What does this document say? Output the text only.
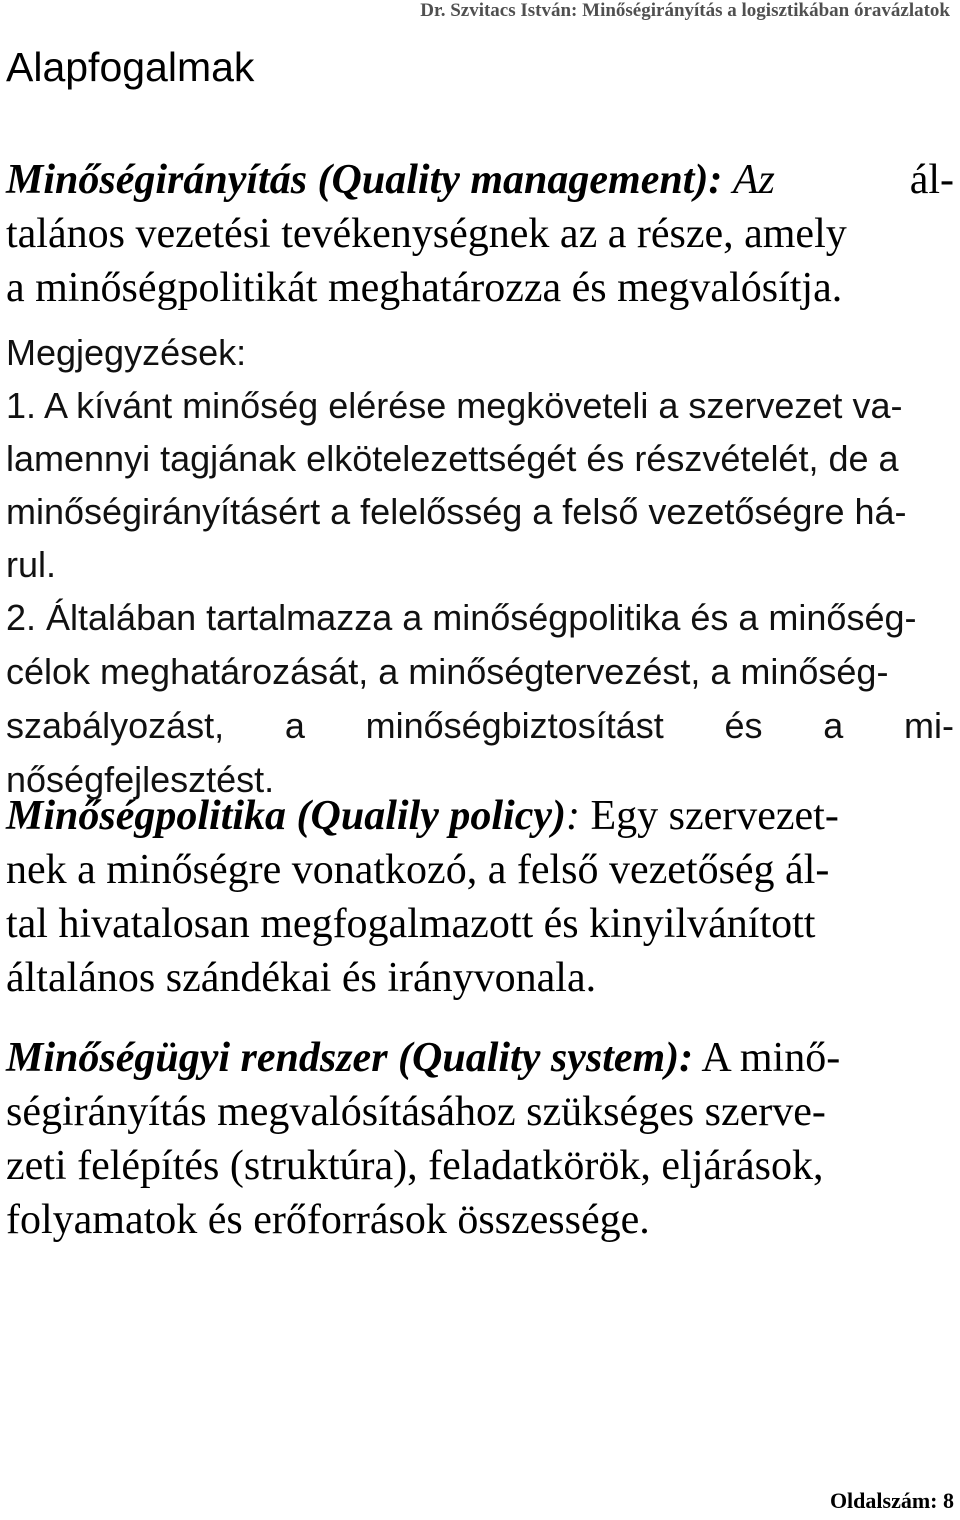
Dr. Szvitacs István: Minőségirányítás a logisztikában óravázlatok
Alapfogalmak
Minőségirányítás (Quality management): Az	ál-
talános vezetési tevékenységnek az a része, amely
a minőségpolitikát meghatározza és megvalósítja.
Megjegyzések:
1. A kívánt minőség elérése megköveteli a szervezet va-
lamennyi tagjának elkötelezettségét és részvételét, de a
minőségirányításért a felelősség a felső vezetőségre há-
rul.
2. Általában tartalmazza a minőségpolitika és a minőség-
célok meghatározását, a minőségtervezést, a minőség-
szabályozást, a minőségbiztosítást és a mi-
nőségfejlesztést.
Minőségpolitika (Qualily policy): Egy szervezet-
nek a minőségre vonatkozó, a felső vezetőség ál-
tal hivatalosan megfogalmazott és kinyilvánított
általános szándékai és irányvonala.
Minőségügyi rendszer (Quality system): A minő-
ségirányítás megvalósításához szükséges szerve-
zeti felépítés (struktúra), feladatkörök, eljárások,
folyamatok és erőforrások összessége.
Oldalszám: 8
